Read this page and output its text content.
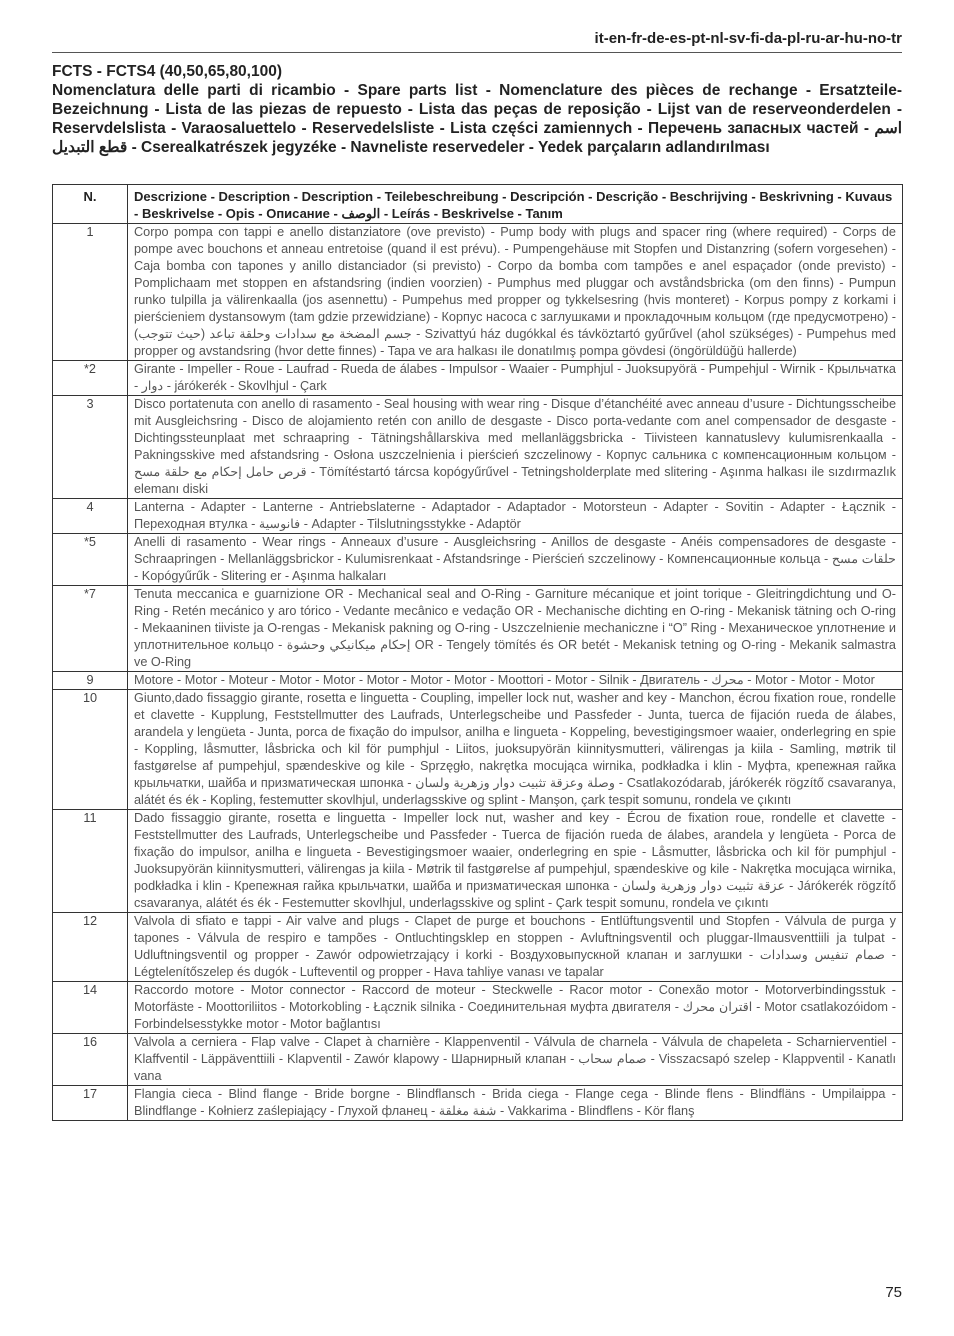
it-en-fr-de-es-pt-nl-sv-fi-da-pl-ru-ar-hu-no-tr
FCTS - FCTS4 (40,50,65,80,100)
Nomenclatura delle parti di ricambio - Spare parts list - Nomenclature des pièces de rechange - Ersatzteile-Bezeichnung - Lista de las piezas de repuesto - Lista das peças de reposição - Lijst van de reserveonderdelen - Reservdelslista - Varaosaluettelo - Reservedelsliste - Lista części zamiennych - Перечень запасных частей - اسم قطع التبديل - Cserealkatrészek jegyzéke - Navneliste reservedeler - Yedek parçaların adlandırılması
N.	Descrizione - Description - Description - Teilebeschreibung - Descripción - Descrição - Beschrijving - Beskrivning - Kuvaus - Beskrivelse - Opis - Описание - الوصف - Leírás - Beskrivelse - Tanım
1	Corpo pompa con tappi e anello distanziatore (ove previsto) - Pump body with plugs and spacer ring (where required) - Corps de pompe avec bouchons et anneau entretoise (quand il est prévu). - Pumpengehäuse mit Stopfen und Distanzring (sofern vorgesehen) - Caja bomba con tapones y anillo distanciador (si previsto) - Corpo da bomba com tampões e anel espaçador (onde previsto) - Pomplichaam met stoppen en afstandsring (indien voorzien) - Pumphus med pluggar och avståndsbricka (om den finns) - Pumpun runko tulpilla ja välirenkaalla (jos asennettu) - Pumpehus med propper og tykkelsesring (hvis monteret) - Korpus pompy z korkami i pierścieniem dystansowym (tam gdzie przewidziane) - Корпус насоса с заглушками и прокладочным кольцом (где предусмотрено) - جسم المضخة مع سدادات وحلقة تباعد (حيث تتوجب) - Szivattyú ház dugókkal és távköztartó gyűrűvel (ahol szükséges) - Pumpehus med propper og avstandsring (hvor dette finnes) - Tapa ve ara halkası ile donatılmış pompa gövdesi (öngörüldüğü hallerde)
*2	Girante - Impeller - Roue - Laufrad - Rueda de álabes - Impulsor - Waaier - Pumphjul - Juoksupyörä - Pumpehjul - Wirnik - Крыльчатка - دوار - járókerék - Skovlhjul - Çark
3	Disco portatenuta con anello di rasamento - Seal housing with wear ring - Disque d’étanchéité avec anneau d’usure - Dichtungsscheibe mit Ausgleichsring - Disco de alojamiento retén con anillo de desgaste - Disco porta-vedante com anel compensador de desgaste - Dichtingssteunplaat met schraapring - Tätningshållarskiva med mellanläggsbricka - Tiivisteen kannatuslevy kulumisrenkaalla - Pakningsskive med afstandsring - Osłona uszczelnienia i pierścień szczelinowy - Корпус сальника с компенсационным кольцом - قرص حامل إحكام مع حلقة مسح - Tömítéstartó tárcsa kopógyűrűvel - Tetningsholderplate med slitering - Aşınma halkası ile sızdırmazlık elemanı diski
4	Lanterna - Adapter - Lanterne - Antriebslaterne - Adaptador - Adaptador - Motorsteun - Adapter - Sovitin - Adapter - Łącznik - Переходная втулка - فانوسية - Adapter - Tilslutningsstykke - Adaptör
*5	Anelli di rasamento - Wear rings - Anneaux d’usure - Ausgleichsring - Anillos de desgaste - Anéis compensadores de desgaste - Schraapringen - Mellanläggsbrickor - Kulumisrenkaat - Afstandsringe - Pierścień szczelinowy - Компенсационные кольца - حلقات مسح - Kopógyűrűk - Slitering er - Aşınma halkaları
*7	Tenuta meccanica e guarnizione OR - Mechanical seal and O-Ring - Garniture mécanique et joint torique - Gleitringdichtung und O-Ring - Retén mecánico y aro tórico - Vedante mecânico e vedação OR - Mechanische dichting en O-ring - Mekanisk tätning och O-ring - Mekaaninen tiiviste ja O-rengas - Mekanisk pakning og O-ring - Uszczelnienie mechaniczne i “O” Ring - Механическое уплотнение и уплотнительное кольцо - إحكام ميكانيكي وحشوة OR - Tengely tömítés és OR betét - Mekanisk tetning og O-ring - Mekanik salmastra ve O-Ring
9	Motore - Motor - Moteur - Motor - Motor - Motor - Motor - Motor - Moottori - Motor - Silnik - Двигатель - محرك - Motor - Motor - Motor
10	Giunto,dado fissaggio girante, rosetta e linguetta - Coupling, impeller lock nut, washer and key - Manchon, écrou fixation roue, rondelle et clavette - Kupplung, Feststellmutter des Laufrads, Unterlegscheibe und Passfeder - Junta, tuerca de fijación rueda de álabes, arandela y lengüeta - Junta, porca de fixação do impulsor, anilha e lingueta - Koppeling, bevestigingsmoer waaier, onderlegring en spie - Koppling, låsmutter, låsbricka och kil för pumphjul - Liitos, juoksupyörän kiinnitysmutteri, välirengas ja kiila - Samling, møtrik til fastgørelse af pumpehjul, spændeskive og kile - Sprzęgło, nakrętka mocująca wirnika, podkładka i klin - Муфта, крепежная гайка крыльчатки, шайба и призматическая шпонка - وصلة وعزقة تثبيت دوار وزهرية ولسان - Csatlakozódarab, járókerék rögzítő csavaranya, alátét és ék - Kopling, festemutter skovlhjul, underlagsskive og splint - Manşon, çark tespit somunu, rondela ve çıkıntı
11	Dado fissaggio girante, rosetta e linguetta - Impeller lock nut, washer and key - Écrou de fixation roue, rondelle et clavette - Feststellmutter des Laufrads, Unterlegscheibe und Passfeder - Tuerca de fijación rueda de álabes, arandela y lengüeta - Porca de fixação do impulsor, anilha e lingueta - Bevestigingsmoer waaier, onderlegring en spie - Låsmutter, låsbricka och kil för pumphjul - Juoksupyörän kiinnitysmutteri, välirengas ja kiila - Møtrik til fastgørelse af pumpehjul, spændeskive og kile - Nakrętka mocująca wirnika, podkładka i klin - Крепежная гайка крыльчатки, шайба и призматическая шпонка - عزقة تثبيت دوار وزهرية ولسان - Járókerék rögzítő csavaranya, alátét és ék - Festemutter skovlhjul, underlagsskive og splint - Çark tespit somunu, rondela ve çıkıntı
12	Valvola di sfiato e tappi - Air valve and plugs - Clapet de purge et bouchons - Entlüftungsventil und Stopfen - Válvula de purga y tapones - Válvula de respiro e tampões - Ontluchtingsklep en stoppen - Avluftningsventil och pluggar-Ilmausventtiili ja tulpat - Udluftningsventil og propper - Zawór odpowietrzający i korki - Воздуховыпускной клапан и заглушки - صمام تنفيس وسدادات - Légtelenítőszelep és dugók - Lufteventil og propper - Hava tahliye vanası ve tapalar
14	Raccordo motore - Motor connector - Raccord de moteur - Steckwelle - Racor motor - Conexão motor - Motorverbindingsstuk -Motorfäste - Moottoriliitos - Motorkobling - Łącznik silnika - Соединительная муфта двигателя - اقتران محرك - Motor csatlakozóidom - Forbindelsesstykke motor - Motor bağlantısı
16	Valvola a cerniera - Flap valve - Clapet à charnière - Klappenventil - Válvula de charnela - Válvula de chapeleta - Scharnierventiel - Klaffventil - Läppäventtiili - Klapventil - Zawór klapowy - Шарнирный клапан - صمام سحاب - Visszacsapó szelep - Klappventil - Kanatlı vana
17	Flangia cieca - Blind flange - Bride borgne - Blindflansch - Brida ciega - Flange cega - Blinde flens - Blindfläns - Umpilaippa - Blindflange - Kołnierz zaślepiający - Глухой фланец - شفة مغلقة - Vakkarima - Blindflens - Kör flanş
75
